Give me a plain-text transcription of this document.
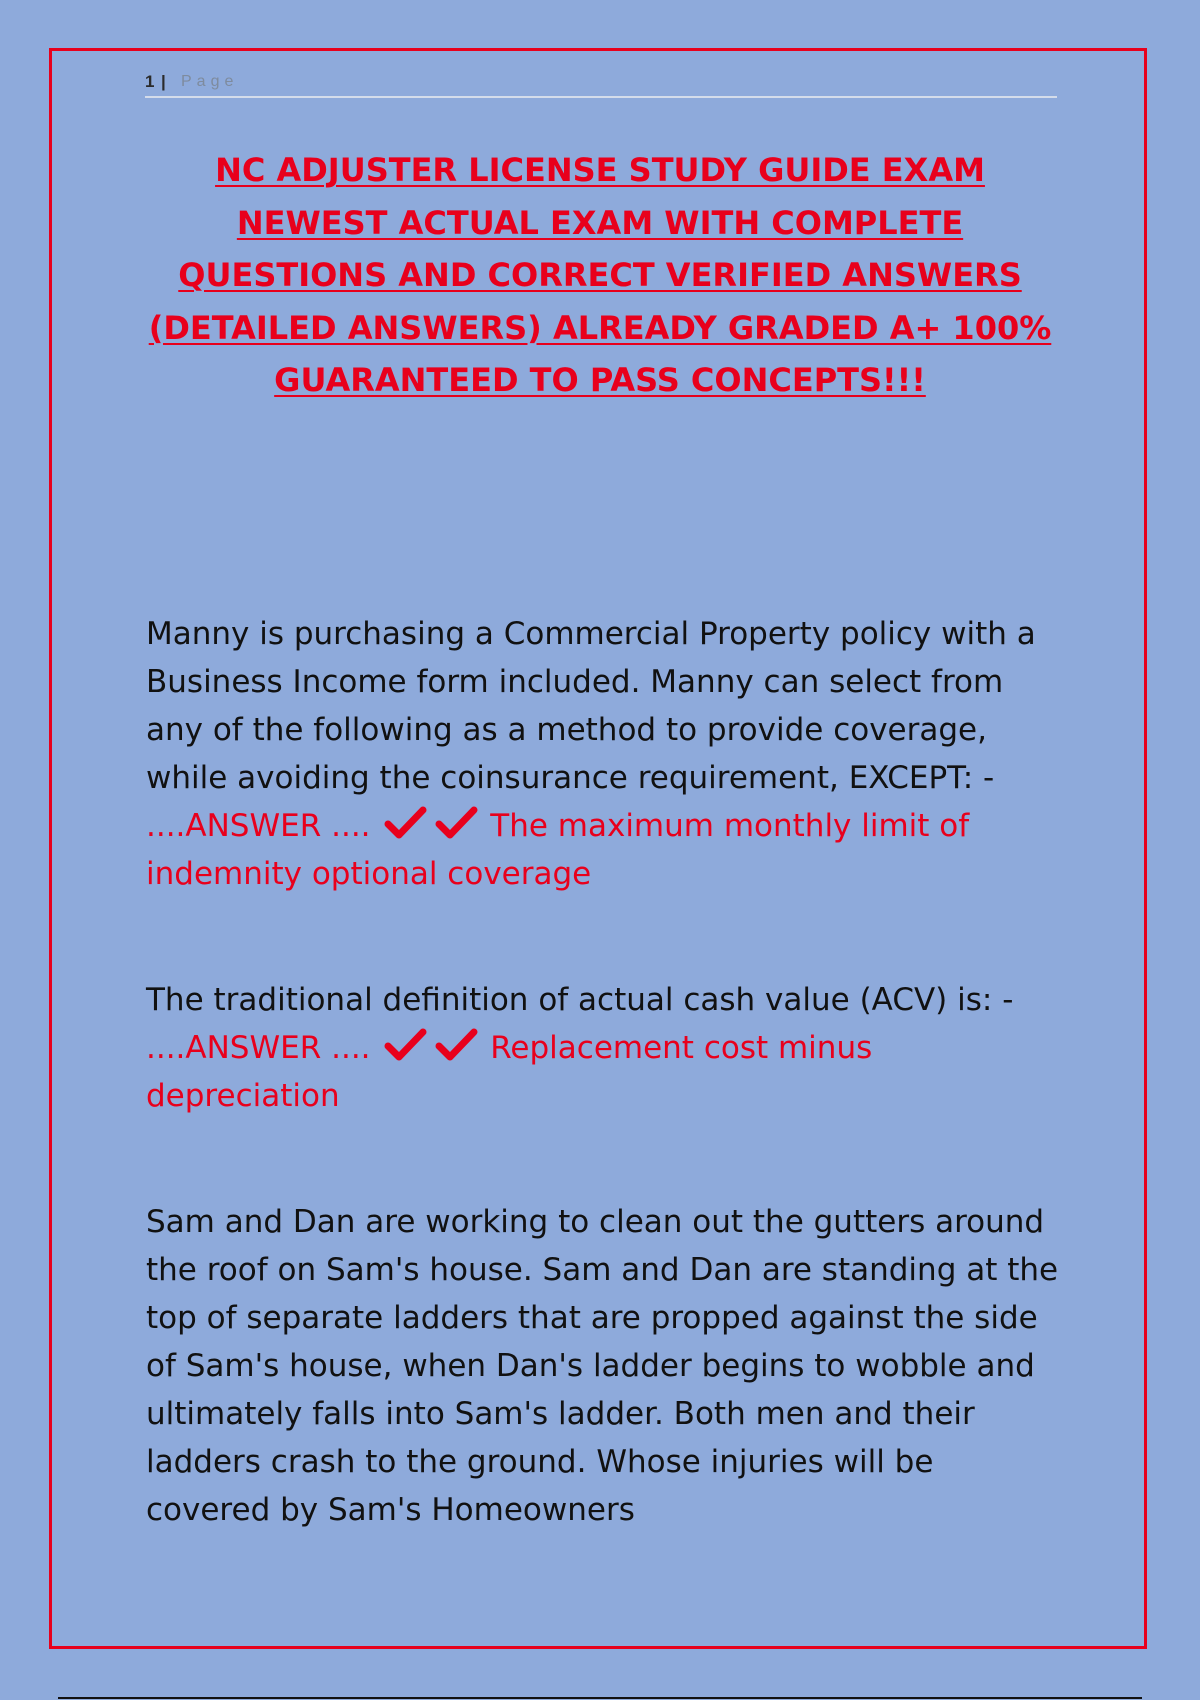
1 | Page
NC ADJUSTER LICENSE STUDY GUIDE EXAM NEWEST ACTUAL EXAM WITH COMPLETE QUESTIONS AND CORRECT VERIFIED ANSWERS (DETAILED ANSWERS) ALREADY GRADED A+ 100% GUARANTEED TO PASS CONCEPTS!!!

Manny is purchasing a Commercial Property policy with a Business Income form included. Manny can select from any of the following as a method to provide coverage, while avoiding the coinsurance requirement, EXCEPT: - ....ANSWER ....	The maximum monthly limit of indemnity optional coverage

The traditional definition of actual cash value (ACV) is: - ....ANSWER ....	Replacement cost minus depreciation

Sam and Dan are working to clean out the gutters around the roof on Sam's house. Sam and Dan are standing at the top of separate ladders that are propped against the side of Sam's house, when Dan's ladder begins to wobble and ultimately falls into Sam's ladder. Both men and their ladders crash to the ground. Whose injuries will be covered by Sam's Homeowners
